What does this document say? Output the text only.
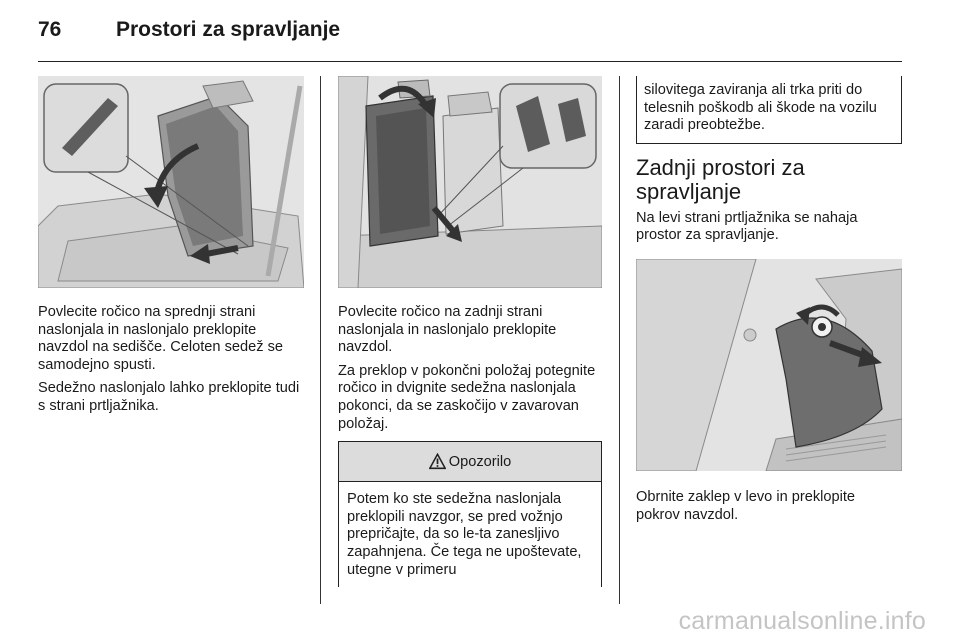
76	Prostori za spravljanje

Povlecite ročico na sprednji strani naslonjala in naslonjalo preklopite navzdol na sedišče. Celoten sedež se samodejno spusti.

Sedežno naslonjalo lahko preklopite tudi s strani prtljažnika.

Povlecite ročico na zadnji strani naslonjala in naslonjalo preklopite navzdol.

Za preklop v pokončni položaj potegnite ročico in dvignite sedežna naslonjala pokonci, da se zaskočijo v zavarovan položaj.

Opozorilo
Potem ko ste sedežna naslonjala preklopili navzgor, se pred vožnjo prepričajte, da so le-ta zanesljivo zapahnjena. Če tega ne upoštevate, utegne v primeru
silovitega zaviranja ali trka priti do telesnih poškodb ali škode na vozilu zaradi preobtežbe.
Zadnji prostori za spravljanje

Na levi strani prtljažnika se nahaja prostor za spravljanje.

Obrnite zaklep v levo in preklopite pokrov navzdol.

carmanualsonline.info
